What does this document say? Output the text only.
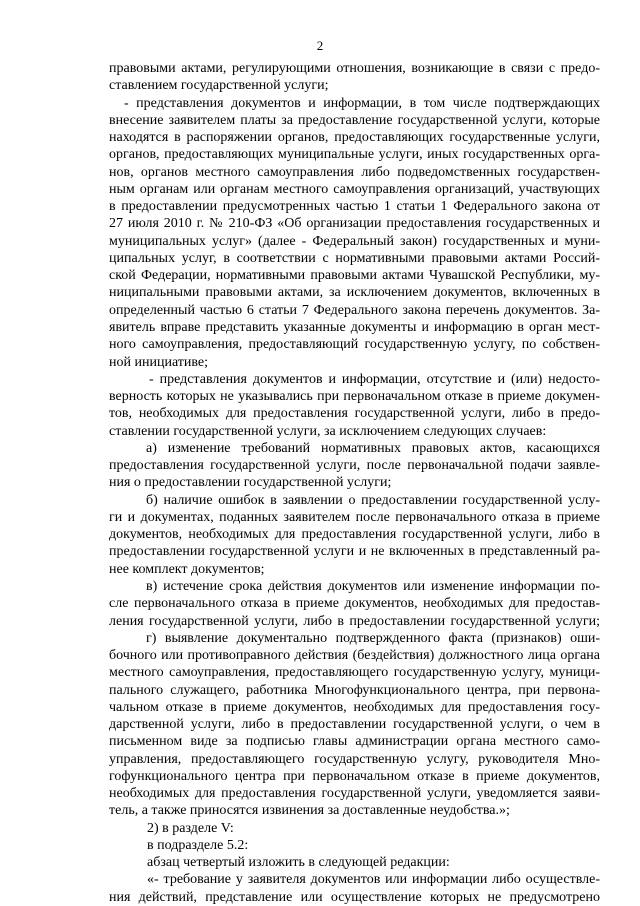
2
правовыми актами, регулирующими отношения, возникающие в связи с предо-
ставлением государственной услуги;
- представления документов и информации, в том числе подтверждающих
внесение заявителем платы за предоставление государственной услуги, которые
находятся в распоряжении органов, предоставляющих государственные услуги,
органов, предоставляющих муниципальные услуги, иных государственных орга-
нов, органов местного самоуправления либо подведомственных государствен-
ным органам или органам местного самоуправления организаций, участвующих
в предоставлении предусмотренных частью 1 статьи 1 Федерального закона от
27 июля 2010 г. № 210-ФЗ «Об организации предоставления государственных и
муниципальных услуг» (далее - Федеральный закон) государственных и муни-
ципальных услуг, в соответствии с нормативными правовыми актами Россий-
ской Федерации, нормативными правовыми актами Чувашской Республики, му-
ниципальными правовыми актами, за исключением документов, включенных в
определенный частью 6 статьи 7 Федерального закона перечень документов. За-
явитель вправе представить указанные документы и информацию в орган мест-
ного самоуправления, предоставляющий государственную услугу, по собствен-
ной инициативе;
- представления документов и информации, отсутствие и (или) недосто-
верность которых не указывались при первоначальном отказе в приеме докумен-
тов, необходимых для предоставления государственной услуги, либо в предо-
ставлении государственной услуги, за исключением следующих случаев:
а) изменение требований нормативных правовых актов, касающихся
предоставления государственной услуги, после первоначальной подачи заявле-
ния о предоставлении государственной услуги;
б) наличие ошибок в заявлении о предоставлении государственной услу-
ги и документах, поданных заявителем после первоначального отказа в приеме
документов, необходимых для предоставления государственной услуги, либо в
предоставлении государственной услуги и не включенных в представленный ра-
нее комплект документов;
в) истечение срока действия документов или изменение информации по-
сле первоначального отказа в приеме документов, необходимых для предостав-
ления государственной услуги, либо в предоставлении государственной услуги;
г) выявление документально подтвержденного факта (признаков) оши-
бочного или противоправного действия (бездействия) должностного лица органа
местного самоуправления, предоставляющего государственную услугу, муници-
пального служащего, работника Многофункционального центра, при первона-
чальном отказе в приеме документов, необходимых для предоставления госу-
дарственной услуги, либо в предоставлении государственной услуги, о чем в
письменном виде за подписью главы администрации органа местного само-
управления, предоставляющего государственную услугу, руководителя Мно-
гофункционального центра при первоначальном отказе в приеме документов,
необходимых для предоставления государственной услуги, уведомляется заяви-
тель, а также приносятся извинения за доставленные неудобства.»;
2) в разделе V:
в подразделе 5.2:
абзац четвертый изложить в следующей редакции:
«- требование у заявителя документов или информации либо осуществле-
ния действий, представление или осуществление которых не предусмотрено
